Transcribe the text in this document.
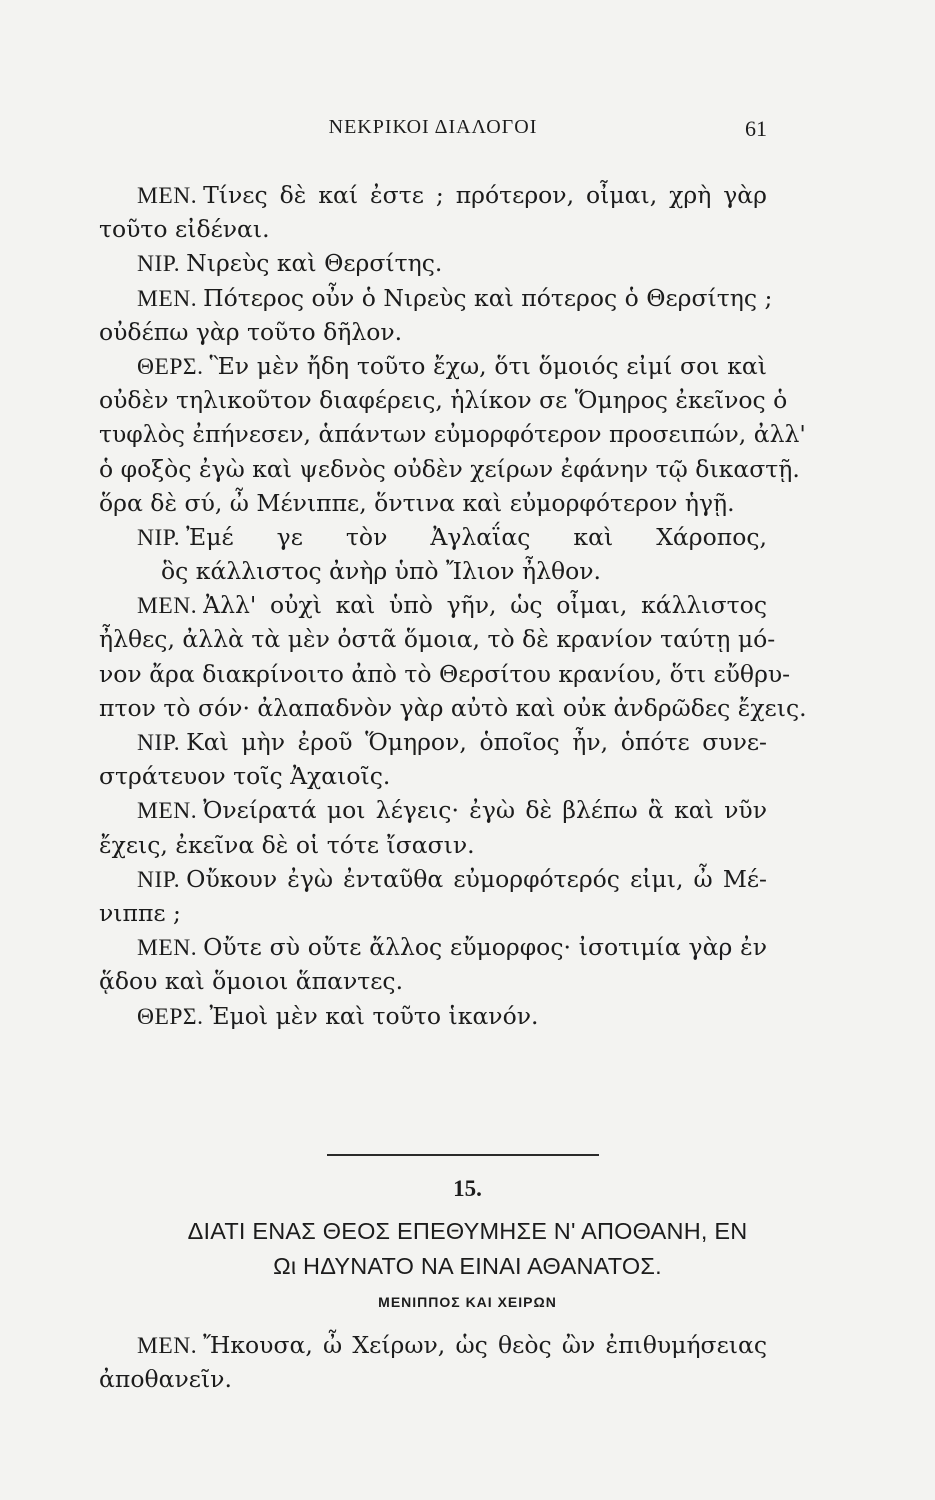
ΝΕΚΡΙΚΟΙ ΔΙΑΛΟΓΟΙ	61
ΜΕΝ. Τίνες δὲ καί ἐστε ; πρότερον, οἶμαι, χρὴ γὰρ
τοῦτο εἰδέναι.
ΝΙΡ. Νιρεὺς καὶ Θερσίτης.
ΜΕΝ. Πότερος οὖν ὁ Νιρεὺς καὶ πότερος ὁ Θερσίτης ;
οὐδέπω γὰρ τοῦτο δῆλον.
ΘΕΡΣ. Ἓν μὲν ἤδη τοῦτο ἔχω, ὅτι ὅμοιός εἰμί σοι καὶ
οὐδὲν τηλικοῦτον διαφέρεις, ἡλίκον σε Ὅμηρος ἐκεῖνος ὁ
τυφλὸς ἐπήνεσεν, ἁπάντων εὐμορφότερον προσειπών, ἀλλ'
ὁ φοξὸς ἐγὼ καὶ ψεδνὸς οὐδὲν χείρων ἐφάνην τῷ δικαστῇ.
ὅρα δὲ σύ, ὦ Μένιππε, ὅντινα καὶ εὐμορφότερον ἡγῇ.
ΝΙΡ. Ἐμέ γε τὸν Ἀγλαΐας καὶ Χάροπος,
ὃς κάλλιστος ἀνὴρ ὑπὸ Ἴλιον ἦλθον.
ΜΕΝ. Ἀλλ' οὐχὶ καὶ ὑπὸ γῆν, ὡς οἶμαι, κάλλιστος
ἦλθες, ἀλλὰ τὰ μὲν ὀστᾶ ὅμοια, τὸ δὲ κρανίον ταύτῃ μό-
νον ἄρα διακρίνοιτο ἀπὸ τὸ Θερσίτου κρανίου, ὅτι εὔθρυ-
πτον τὸ σόν· ἀλαπαδνὸν γὰρ αὐτὸ καὶ οὐκ ἀνδρῶδες ἔχεις.
ΝΙΡ. Καὶ μὴν ἐροῦ Ὅμηρον, ὁποῖος ἦν, ὁπότε συνε-
στράτευον τοῖς Ἀχαιοῖς.
ΜΕΝ. Ὀνείρατά μοι λέγεις· ἐγὼ δὲ βλέπω ἃ καὶ νῦν
ἔχεις, ἐκεῖνα δὲ οἱ τότε ἴσασιν.
ΝΙΡ. Οὔκουν ἐγὼ ἐνταῦθα εὐμορφότερός εἰμι, ὦ Μέ-
νιππε ;
ΜΕΝ. Οὔτε σὺ οὔτε ἄλλος εὔμορφος· ἰσοτιμία γὰρ ἐν
ᾅδου καὶ ὅμοιοι ἅπαντες.
ΘΕΡΣ. Ἐμοὶ μὲν καὶ τοῦτο ἱκανόν.
15.
ΔΙΑΤΙ ΕΝΑΣ ΘΕΟΣ ΕΠΕΘΥΜΗΣΕ Ν' ΑΠΟΘΑΝΗ, ΕΝ
Ωι ΗΔΥΝΑΤΟ ΝΑ ΕΙΝΑΙ ΑΘΑΝΑΤΟΣ.
ΜΕΝΙΠΠΟΣ ΚΑΙ ΧΕΙΡΩΝ
ΜΕΝ. Ἤκουσα, ὦ Χείρων, ὡς θεὸς ὢν ἐπιθυμήσειας
ἀποθανεῖν.
